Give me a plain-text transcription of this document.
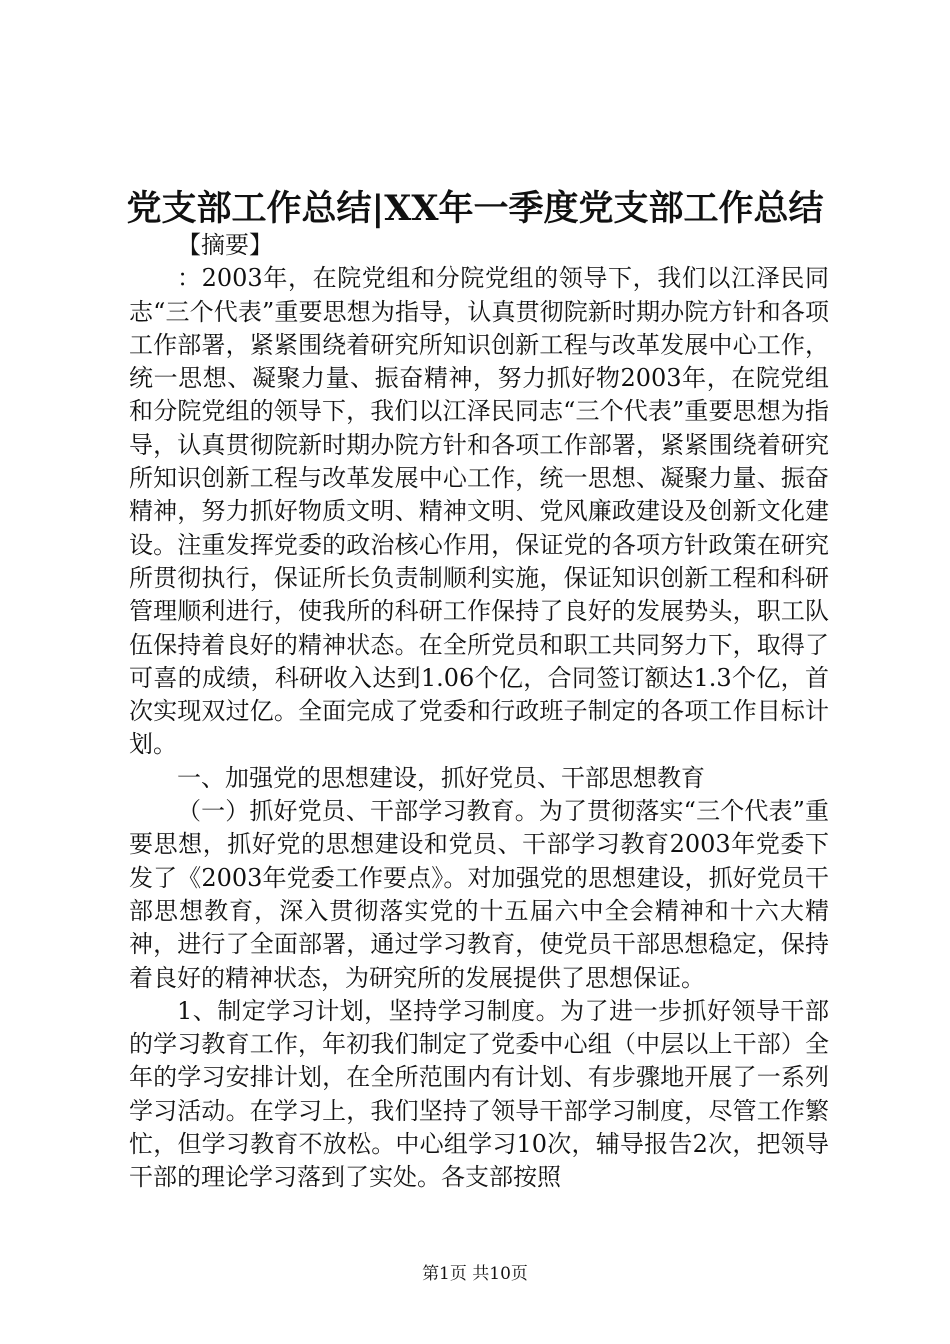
党支部工作总结|XX年一季度党支部工作总结

【摘要】

：2003年，在院党组和分院党组的领导下，我们以江泽民同志“三个代表”重要思想为指导，认真贯彻院新时期办院方针和各项工作部署，紧紧围绕着研究所知识创新工程与改革发展中心工作，统一思想、凝聚力量、振奋精神，努力抓好物2003年，在院党组和分院党组的领导下，我们以江泽民同志“三个代表”重要思想为指导，认真贯彻院新时期办院方针和各项工作部署，紧紧围绕着研究所知识创新工程与改革发展中心工作，统一思想、凝聚力量、振奋精神，努力抓好物质文明、精神文明、党风廉政建设及创新文化建设。注重发挥党委的政治核心作用，保证党的各项方针政策在研究所贯彻执行，保证所长负责制顺利实施，保证知识创新工程和科研管理顺利进行，使我所的科研工作保持了良好的发展势头，职工队伍保持着良好的精神状态。在全所党员和职工共同努力下，取得了可喜的成绩，科研收入达到1.06个亿，合同签订额达1.3个亿，首次实现双过亿。全面完成了党委和行政班子制定的各项工作目标计划。

一、加强党的思想建设，抓好党员、干部思想教育

（一）抓好党员、干部学习教育。为了贯彻落实“三个代表”重要思想，抓好党的思想建设和党员、干部学习教育2003年党委下发了《2003年党委工作要点》。对加强党的思想建设，抓好党员干部思想教育，深入贯彻落实党的十五届六中全会精神和十六大精神，进行了全面部署，通过学习教育，使党员干部思想稳定，保持着良好的精神状态，为研究所的发展提供了思想保证。

1、制定学习计划，坚持学习制度。为了进一步抓好领导干部的学习教育工作，年初我们制定了党委中心组（中层以上干部）全年的学习安排计划，在全所范围内有计划、有步骤地开展了一系列学习活动。在学习上，我们坚持了领导干部学习制度，尽管工作繁忙，但学习教育不放松。中心组学习10次，辅导报告2次，把领导干部的理论学习落到了实处。各支部按照

第1页 共10页
